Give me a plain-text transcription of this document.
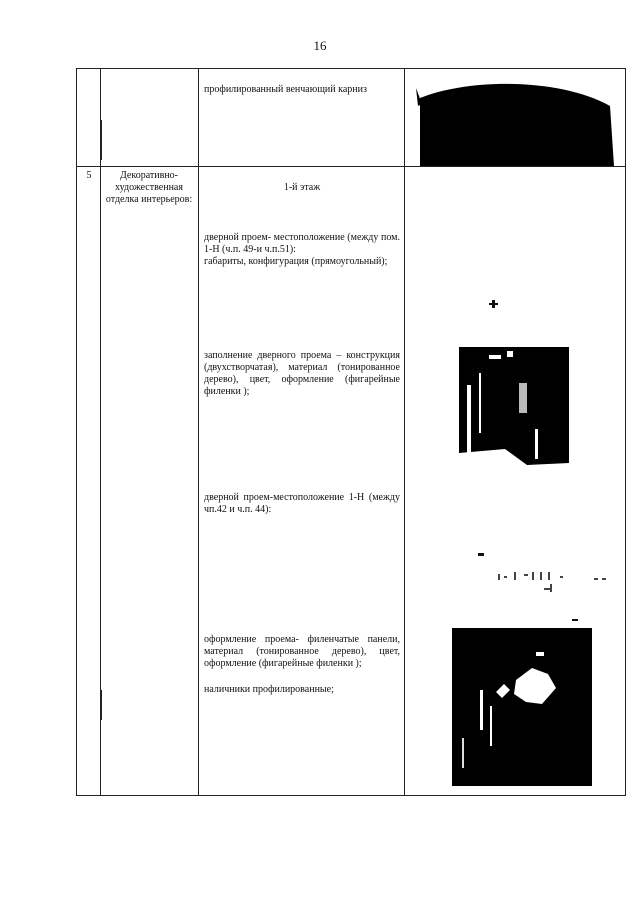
16
профилированный венчающий карниз
5	Декоративно-художественная отделка интерьеров:
1-й этаж
дверной проем- местоположение (между пом. 1-Н (ч.п. 49-и ч.п.51):
габариты, конфигурация (прямоугольный);
заполнение дверного проема – конструкция (двухстворчатая), материал (тонированное дерево), цвет, оформление (фигарейные филенки );
дверной проем-местоположение 1-Н (между чп.42 и ч.п. 44):
оформление проема- филенчатые панели, материал (тонированное дерево), цвет, оформление (фигарейные филенки );
наличники профилированные;
